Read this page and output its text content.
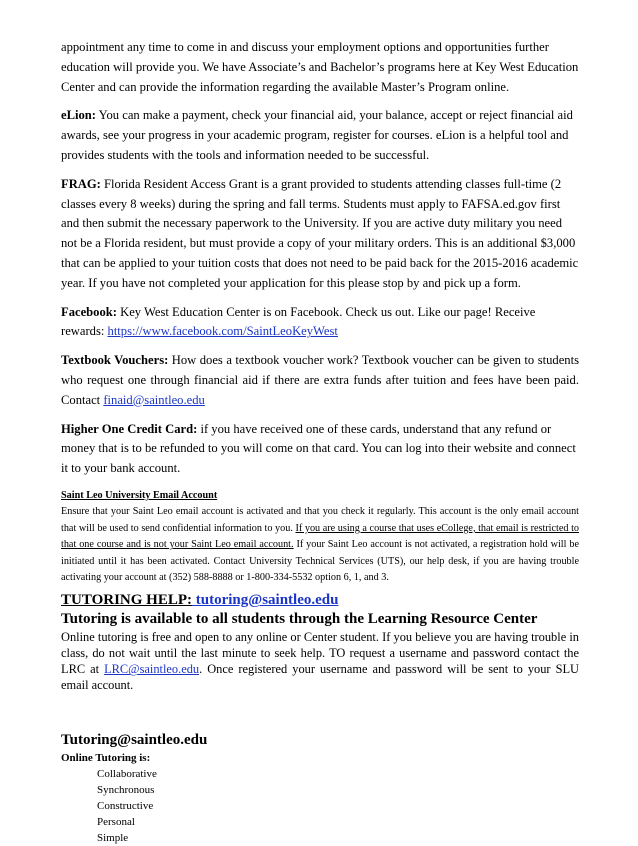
appointment any time to come in and discuss your employment options and opportunities further education will provide you. We have Associate’s and Bachelor’s programs here at Key West Education Center and can provide the information regarding the available Master’s Program online.

eLion: You can make a payment, check your financial aid, your balance, accept or reject financial aid awards, see your progress in your academic program, register for courses. eLion is a helpful tool and provides students with the tools and information needed to be successful.

FRAG: Florida Resident Access Grant is a grant provided to students attending classes full-time (2 classes every 8 weeks) during the spring and fall terms. Students must apply to FAFSA.ed.gov first and then submit the necessary paperwork to the University. If you are active duty military you need not be a Florida resident, but must provide a copy of your military orders. This is an additional $3,000 that can be applied to your tuition costs that does not need to be paid back for the 2015-2016 academic year. If you have not completed your application for this please stop by and pick up a form.

Facebook: Key West Education Center is on Facebook. Check us out. Like our page! Receive rewards: https://www.facebook.com/SaintLeoKeyWest

Textbook Vouchers: How does a textbook voucher work? Textbook voucher can be given to students who request one through financial aid if there are extra funds after tuition and fees have been paid. Contact finaid@saintleo.edu

Higher One Credit Card: if you have received one of these cards, understand that any refund or money that is to be refunded to you will come on that card. You can log into their website and connect it to your bank account.

Saint Leo University Email Account

Ensure that your Saint Leo email account is activated and that you check it regularly. This account is the only email account that will be used to send confidential information to you. If you are using a course that uses eCollege, that email is restricted to that one course and is not your Saint Leo email account. If your Saint Leo account is not activated, a registration hold will be initiated until it has been activated. Contact University Technical Services (UTS), our help desk, if you are having trouble activating your account at (352) 588-8888 or 1-800-334-5532 option 6, 1, and 3.

TUTORING HELP: tutoring@saintleo.edu

Tutoring is available to all students through the Learning Resource Center

Online tutoring is free and open to any online or Center student. If you believe you are having trouble in class, do not wait until the last minute to seek help. TO request a username and password contact the LRC at LRC@saintleo.edu. Once registered your username and password will be sent to your SLU email account.

Tutoring@saintleo.edu

Online Tutoring is:

Collaborative
Synchronous
Constructive
Personal
Simple
